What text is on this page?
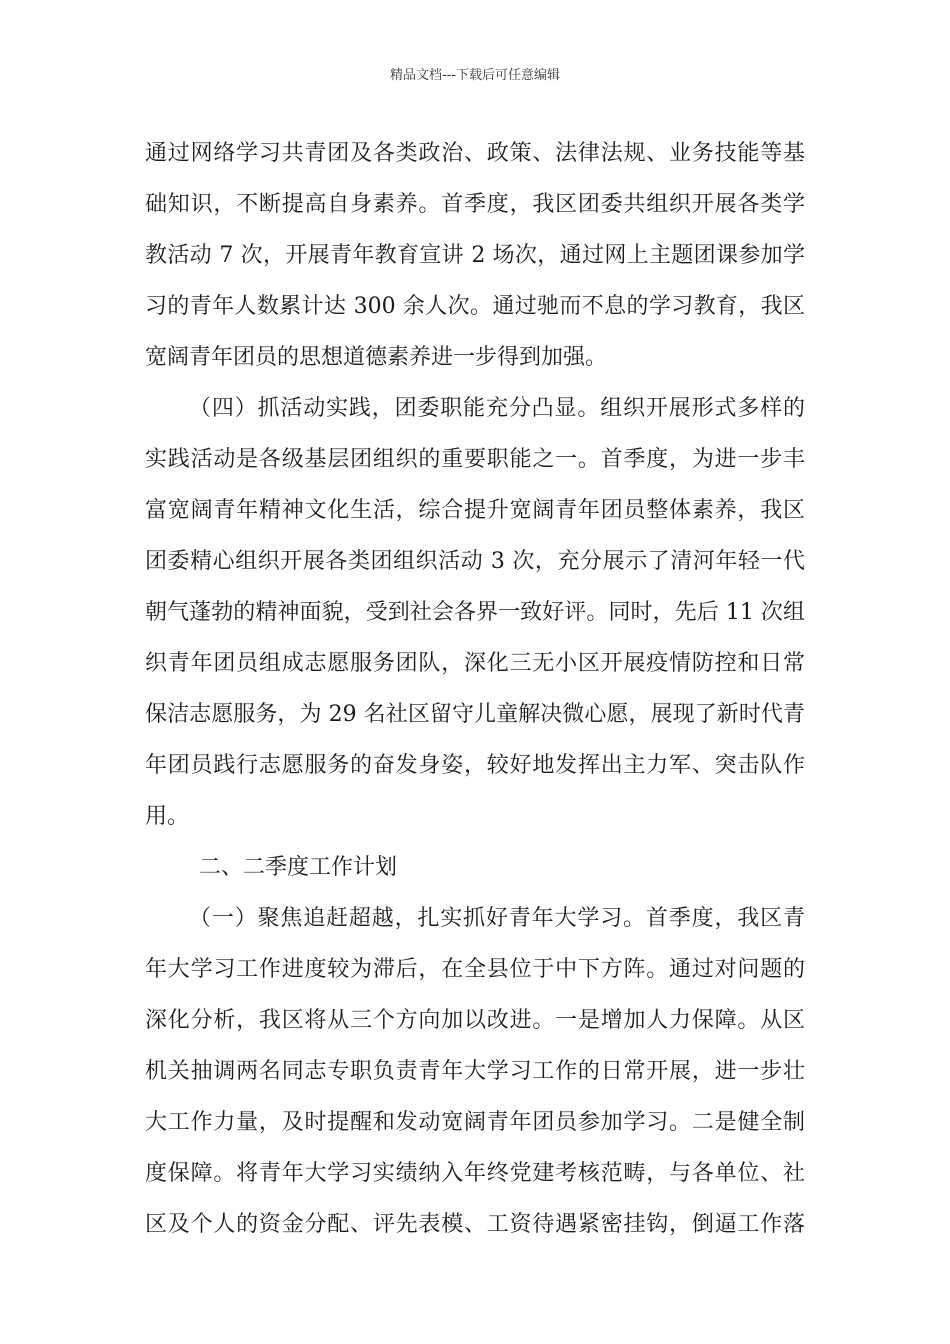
精品文档---下载后可任意编辑
通过网络学习共青团及各类政治、政策、法律法规、业务技能等基
础知识，不断提高自身素养。首季度，我区团委共组织开展各类学
教活动 7 次，开展青年教育宣讲 2 场次，通过网上主题团课参加学
习的青年人数累计达 300 余人次。通过驰而不息的学习教育，我区
宽阔青年团员的思想道德素养进一步得到加强。
（四）抓活动实践，团委职能充分凸显。组织开展形式多样的
实践活动是各级基层团组织的重要职能之一。首季度，为进一步丰
富宽阔青年精神文化生活，综合提升宽阔青年团员整体素养，我区
团委精心组织开展各类团组织活动 3 次，充分展示了清河年轻一代
朝气蓬勃的精神面貌，受到社会各界一致好评。同时，先后 11 次组
织青年团员组成志愿服务团队，深化三无小区开展疫情防控和日常
保洁志愿服务，为 29 名社区留守儿童解决微心愿，展现了新时代青
年团员践行志愿服务的奋发身姿，较好地发挥出主力军、突击队作
用。
二、二季度工作计划
（一）聚焦追赶超越，扎实抓好青年大学习。首季度，我区青
年大学习工作进度较为滞后，在全县位于中下方阵。通过对问题的
深化分析，我区将从三个方向加以改进。一是增加人力保障。从区
机关抽调两名同志专职负责青年大学习工作的日常开展，进一步壮
大工作力量，及时提醒和发动宽阔青年团员参加学习。二是健全制
度保障。将青年大学习实绩纳入年终党建考核范畴，与各单位、社
区及个人的资金分配、评先表模、工资待遇紧密挂钩，倒逼工作落
